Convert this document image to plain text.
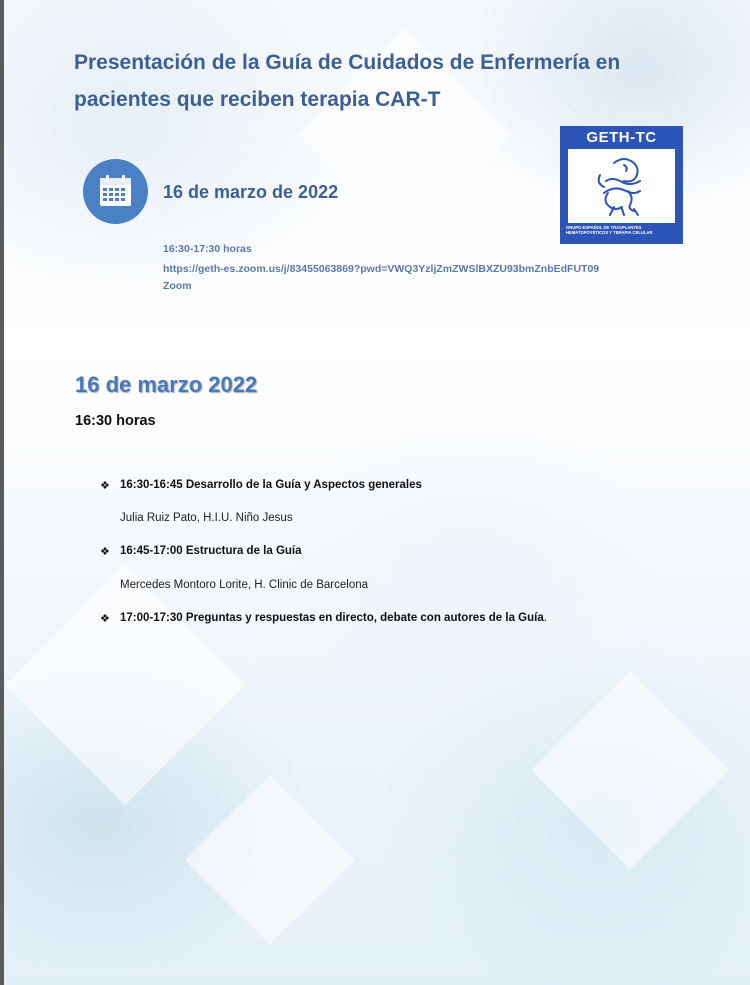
Presentación de la Guía de Cuidados de Enfermería en pacientes que reciben terapia CAR-T
16 de marzo de 2022
16:30-17:30 horas
https://geth-es.zoom.us/j/83455063869?pwd=VWQ3YzljZmZWSlBXZU93bmZnbEdFUT09
Zoom
GETH-TC
GRUPO ESPAÑOL DE TRASPLANTES HEMATOPOYÉTICOS Y TERAPIA CELULAR
16 de marzo 2022
16:30 horas
❖ 16:30-16:45 Desarrollo de la Guía y Aspectos generales
Julia Ruiz Pato, H.I.U. Niño Jesus
❖ 16:45-17:00 Estructura de la Guía
Mercedes Montoro Lorite, H. Clinic de Barcelona
❖ 17:00-17:30 Preguntas y respuestas en directo, debate con autores de la Guía.
